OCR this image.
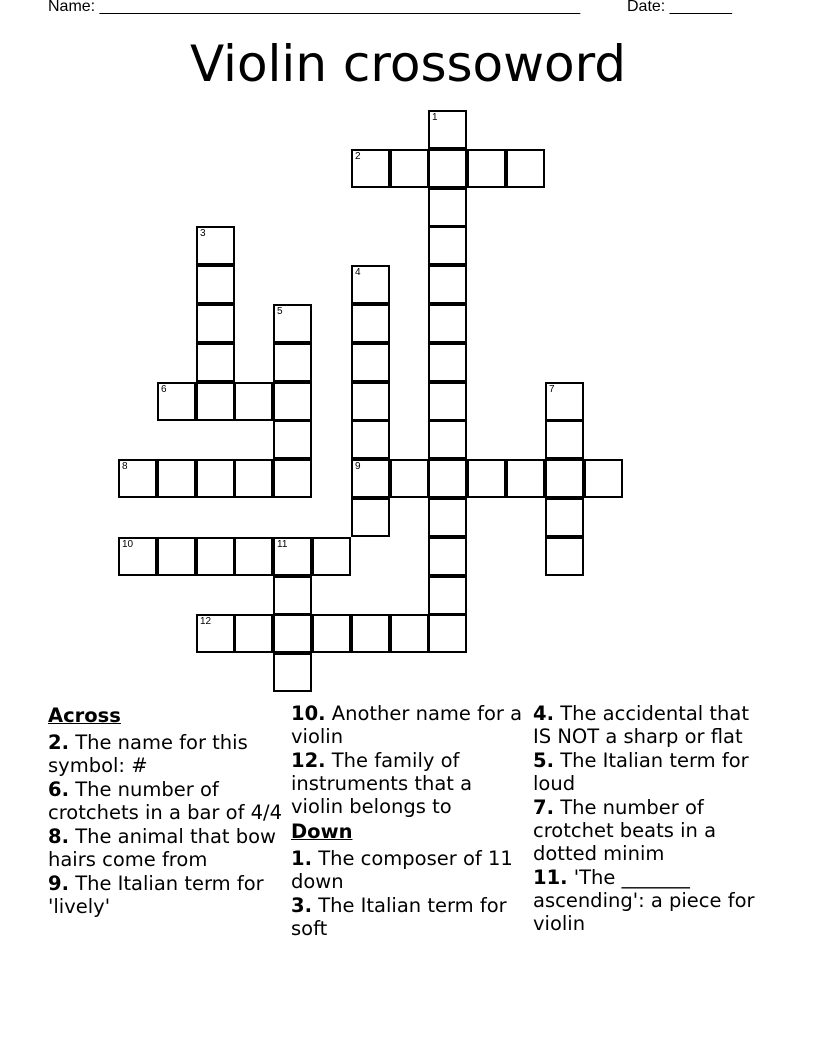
Name: ______________________________________________________	Date: _______
Violin crossoword
1
2
3
4
9
5
6	7
8
10	11
12
Across
2. The name for this symbol: #
6. The number of crotchets in a bar of 4/4
8. The animal that bow hairs come from
9. The Italian term for 'lively'
10. Another name for a violin
12. The family of instruments that a violin belongs to
Down
1. The composer of 11 down
3. The Italian term for soft
4. The accidental that IS NOT a sharp or flat
5. The Italian term for loud
7. The number of crotchet beats in a dotted minim
11. 'The _______ ascending': a piece for violin
